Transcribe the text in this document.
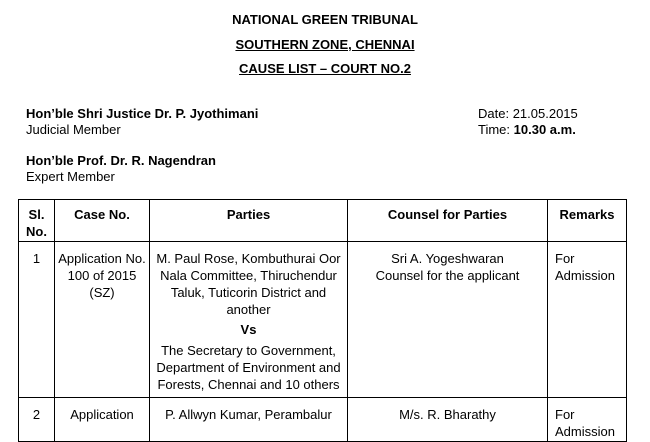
NATIONAL GREEN TRIBUNAL
SOUTHERN ZONE, CHENNAI
CAUSE LIST – COURT NO.2
Hon’ble Shri Justice Dr. P. Jyothimani
Judicial Member
Date: 21.05.2015
Time: 10.30 a.m.
Hon’ble Prof. Dr. R. Nagendran
Expert Member
Sl. No.	Case No.	Parties	Counsel for Parties	Remarks
1	Application No. 100 of 2015 (SZ)	M. Paul Rose, Kombuthurai Oor Nala Committee, Thiruchendur Taluk, Tuticorin District and another
Vs
The Secretary to Government, Department of Environment and Forests, Chennai and 10 others	Sri A. Yogeshwaran Counsel for the applicant	For Admission
2	Application	P. Allwyn Kumar, Perambalur	M/s. R. Bharathy	For Admission
